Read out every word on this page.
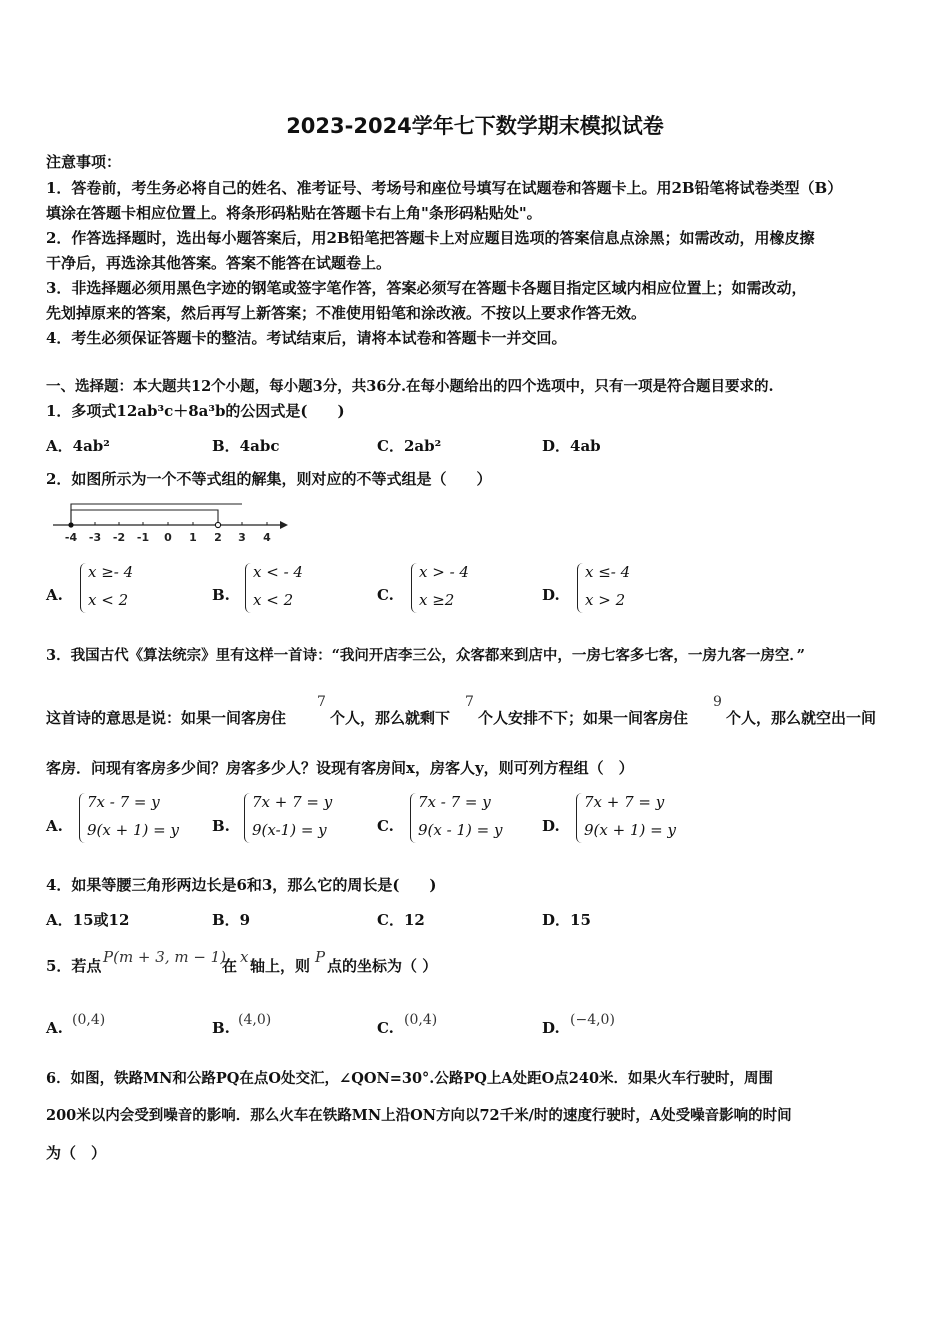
2023-2024学年七下数学期末模拟试卷
注意事项：
1．答卷前，考生务必将自己的姓名、准考证号、考场号和座位号填写在试题卷和答题卡上。用2B铅笔将试卷类型（B）
填涂在答题卡相应位置上。将条形码粘贴在答题卡右上角"条形码粘贴处"。
2．作答选择题时，选出每小题答案后，用2B铅笔把答题卡上对应题目选项的答案信息点涂黑；如需改动，用橡皮擦
干净后，再选涂其他答案。答案不能答在试题卷上。
3．非选择题必须用黑色字迹的钢笔或签字笔作答，答案必须写在答题卡各题目指定区域内相应位置上；如需改动，
先划掉原来的答案，然后再写上新答案；不准使用铅笔和涂改液。不按以上要求作答无效。
4．考生必须保证答题卡的整洁。考试结束后，请将本试卷和答题卡一并交回。
一、选择题：本大题共12个小题，每小题3分，共36分.在每小题给出的四个选项中，只有一项是符合题目要求的.
1．多项式12ab³c＋8a³b的公因式是(　　)
A．4ab²	B．4abc	C．2ab²	D．4ab
2．如图所示为一个不等式组的解集，则对应的不等式组是（　　）
-4 -3 -2 -1 0 1 2 3 4
A.
x ≥- 4
x < 2	B.
x < - 4
x < 2	C.
x > - 4
x ≥2	D.
x ≤- 4
x > 2
3．我国古代《算法统宗》里有这样一首诗：“我问开店李三公，众客都来到店中，一房七客多七客，一房九客一房空．”
这首诗的意思是说：如果一间客房住
7
个人，那么就剩下
7
个人安排不下；如果一间客房住
9
个人，那么就空出一间
客房．问现有客房多少间？房客多少人？设现有客房间x，房客人y，则可列方程组（　）
A.
7x - 7 = y
9(x + 1) = y B.
7x + 7 = y
9(x-1) = y	C.
7x - 7 = y
9(x - 1) = y	D.
7x + 7 = y
9(x + 1) = y
4．如果等腰三角形两边长是6和3，那么它的周长是(　　)
A．15或12	B．9	C．12	D．15
5．若点 P(m + 3, m − 1)
在 x 轴上，则 P 点的坐标为（ ）
A. (0,4)	B. (4,0)	C. (0,4)	D. (−4,0)
6．如图，铁路MN和公路PQ在点O处交汇，∠QON=30°.公路PQ上A处距O点240米．如果火车行驶时，周围
200米以内会受到噪音的影响．那么火车在铁路MN上沿ON方向以72千米/时的速度行驶时，A处受噪音影响的时间
为（　）
